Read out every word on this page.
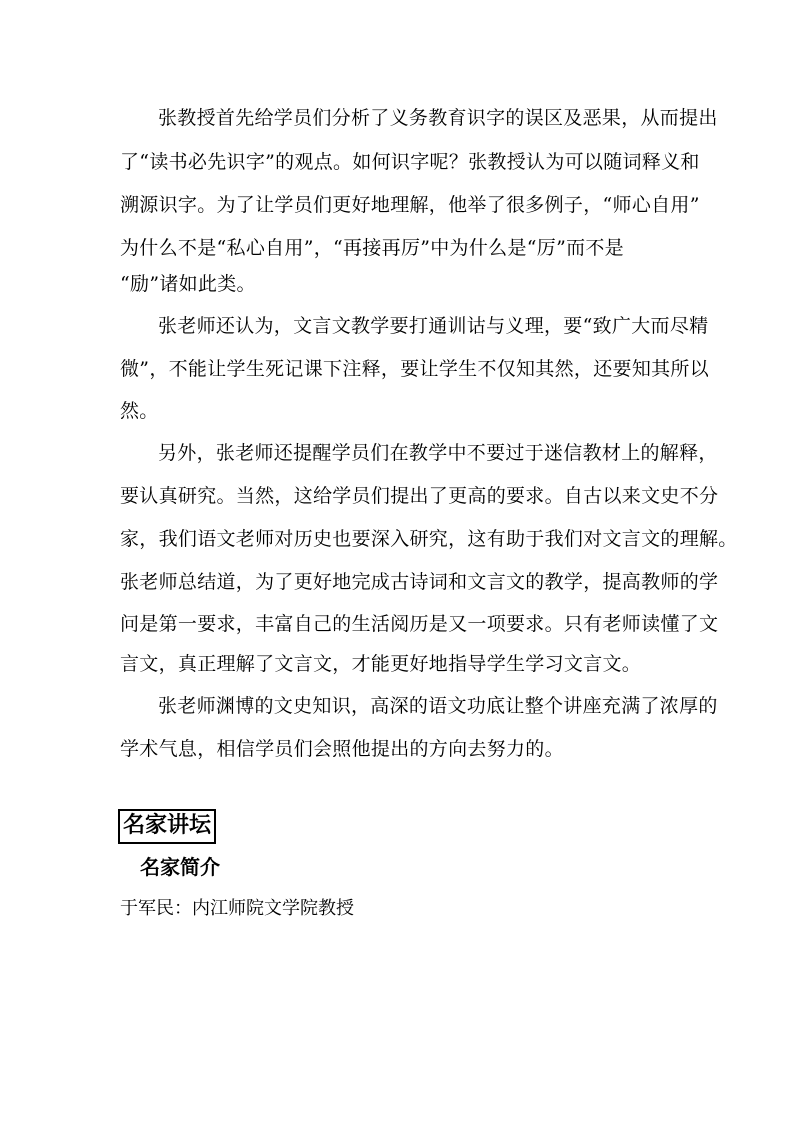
张教授首先给学员们分析了义务教育识字的误区及恶果，从而提出
了“读书必先识字”的观点。如何识字呢？张教授认为可以随词释义和
溯源识字。为了让学员们更好地理解，他举了很多例子，“师心自用”
为什么不是“私心自用”，“再接再厉”中为什么是“厉”而不是
“励”诸如此类。
张老师还认为，文言文教学要打通训诂与义理，要“致广大而尽精
微”，不能让学生死记课下注释，要让学生不仅知其然，还要知其所以
然。
另外，张老师还提醒学员们在教学中不要过于迷信教材上的解释，
要认真研究。当然，这给学员们提出了更高的要求。自古以来文史不分
家，我们语文老师对历史也要深入研究，这有助于我们对文言文的理解。
张老师总结道，为了更好地完成古诗词和文言文的教学，提高教师的学
问是第一要求，丰富自己的生活阅历是又一项要求。只有老师读懂了文
言文，真正理解了文言文，才能更好地指导学生学习文言文。
张老师渊博的文史知识，高深的语文功底让整个讲座充满了浓厚的
学术气息，相信学员们会照他提出的方向去努力的。
名家讲坛
名家简介
于军民：内江师院文学院教授
